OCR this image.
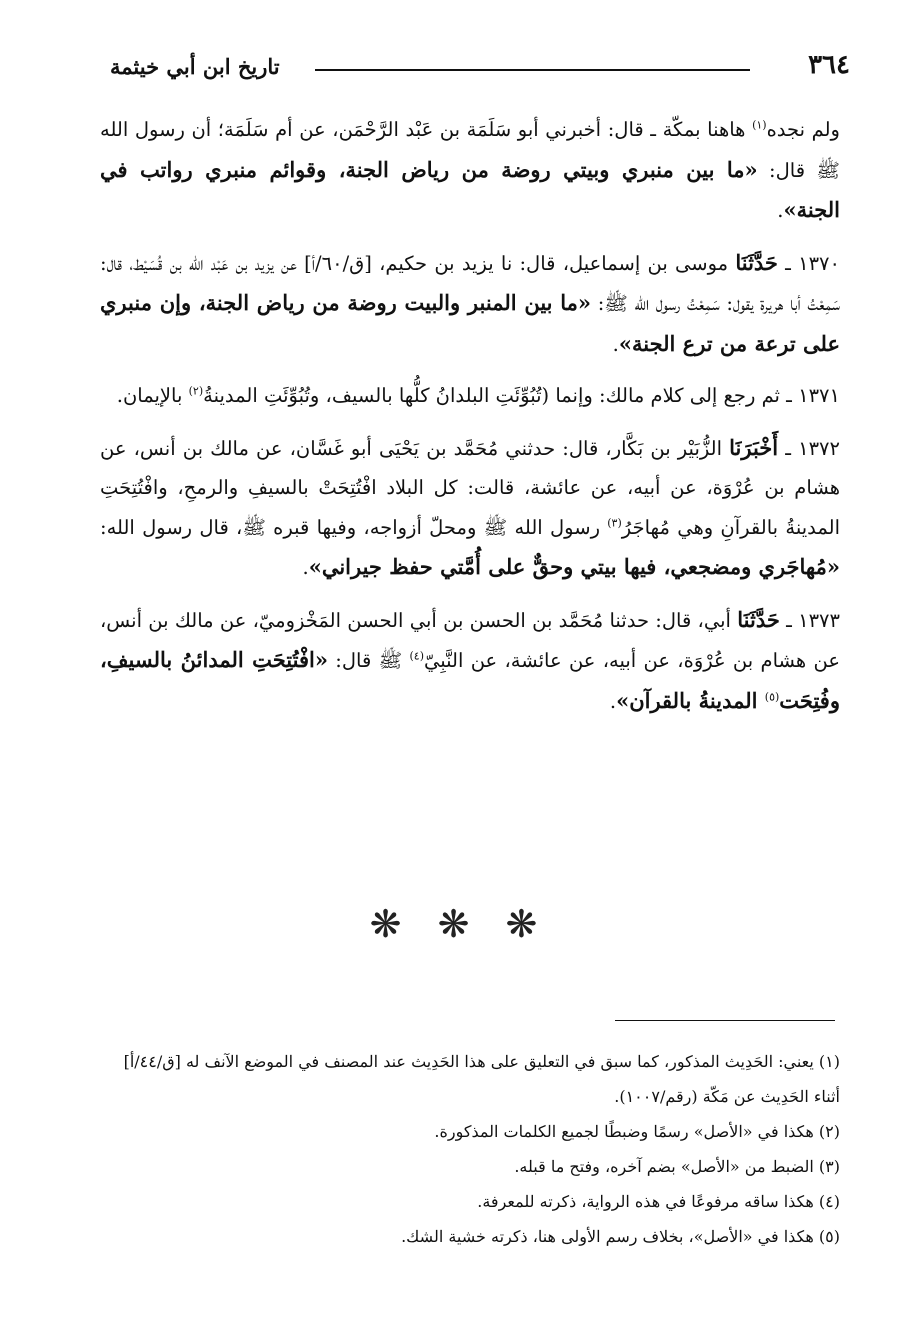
٣٦٤
تاريخ ابن أبي خيثمة

ولم نجده$^{(١)}$ هاهنا بمكّة ـ قال: أخبرني أبو سَلَمَة بن عَبْد الرَّحْمَن، عن أم سَلَمَة؛ أن رسول الله ﷺ قال: «ما بين منبري وبيتي روضة من رياض الجنة، وقوائم منبري رواتب في الجنة».

١٣٧٠ ـ حَدَّثَنَا موسى بن إسماعيل، قال: نا يزيد بن حكيم، [ق/٦٠/أ] عن يزيد بن عَبْد الله بن قُسَيْط، قال: سَمِعْتُ أبا هريرة يقول: سَمِعْتُ رسول الله ﷺ: «ما بين المنبر والبيت روضة من رياض الجنة، وإن منبري على ترعة من ترع الجنة».

١٣٧١ ـ ثم رجع إلى كلام مالك: وإنما (تُبُوِّئَتِ البلدانُ كلُّها بالسيف، وتُبُوِّئَتِ المدينةُ$^{(٢)}$ بالإيمان.

١٣٧٢ ـ أَخْبَرَنَا الزُّبَيْر بن بَكَّار، قال: حدثني مُحَمَّد بن يَحْيَى أبو غَسَّان، عن مالك بن أنس، عن هشام بن عُرْوَة، عن أبيه، عن عائشة، قالت: كل البلاد افْتُتِحَتْ بالسيفِ والرمحِ، وافْتُتِحَتِ المدينةُ بالقرآنِ وهي مُهاجَرُ$^{(٣)}$ رسول الله ﷺ ومحلّ أزواجه، وفيها قبره ﷺ، قال رسول الله: «مُهاجَري ومضجعي، فيها بيتي وحقٌّ على أُمَّتي حفظ جيراني».

١٣٧٣ ـ حَدَّثَنَا أبي، قال: حدثنا مُحَمَّد بن الحسن بن أبي الحسن المَخْزوميّ، عن مالك بن أنس، عن هشام بن عُرْوَة، عن أبيه، عن عائشة، عن النَّبِيّ$^{(٤)}$ ﷺ قال: «افْتُتِحَتِ المدائنُ بالسيفِ، وفُتِحَت$^{(٥)}$ المدينةُ بالقرآن».

❋ ❋ ❋

(١) يعني: الحَدِيث المذكور، كما سبق في التعليق على هذا الحَدِيث عند المصنف في الموضع الآنف له [ق/٤٤/أ] أثناء الحَدِيث عن مَكّة (رقم/١٠٠٧).

(٢) هكذا في «الأصل» رسمًا وضبطًا لجميع الكلمات المذكورة.

(٣) الضبط من «الأصل» بضم آخره، وفتح ما قبله.

(٤) هكذا ساقه مرفوعًا في هذه الرواية، ذكرته للمعرفة.

(٥) هكذا في «الأصل»، بخلاف رسم الأولى هنا، ذكرته خشية الشك.
